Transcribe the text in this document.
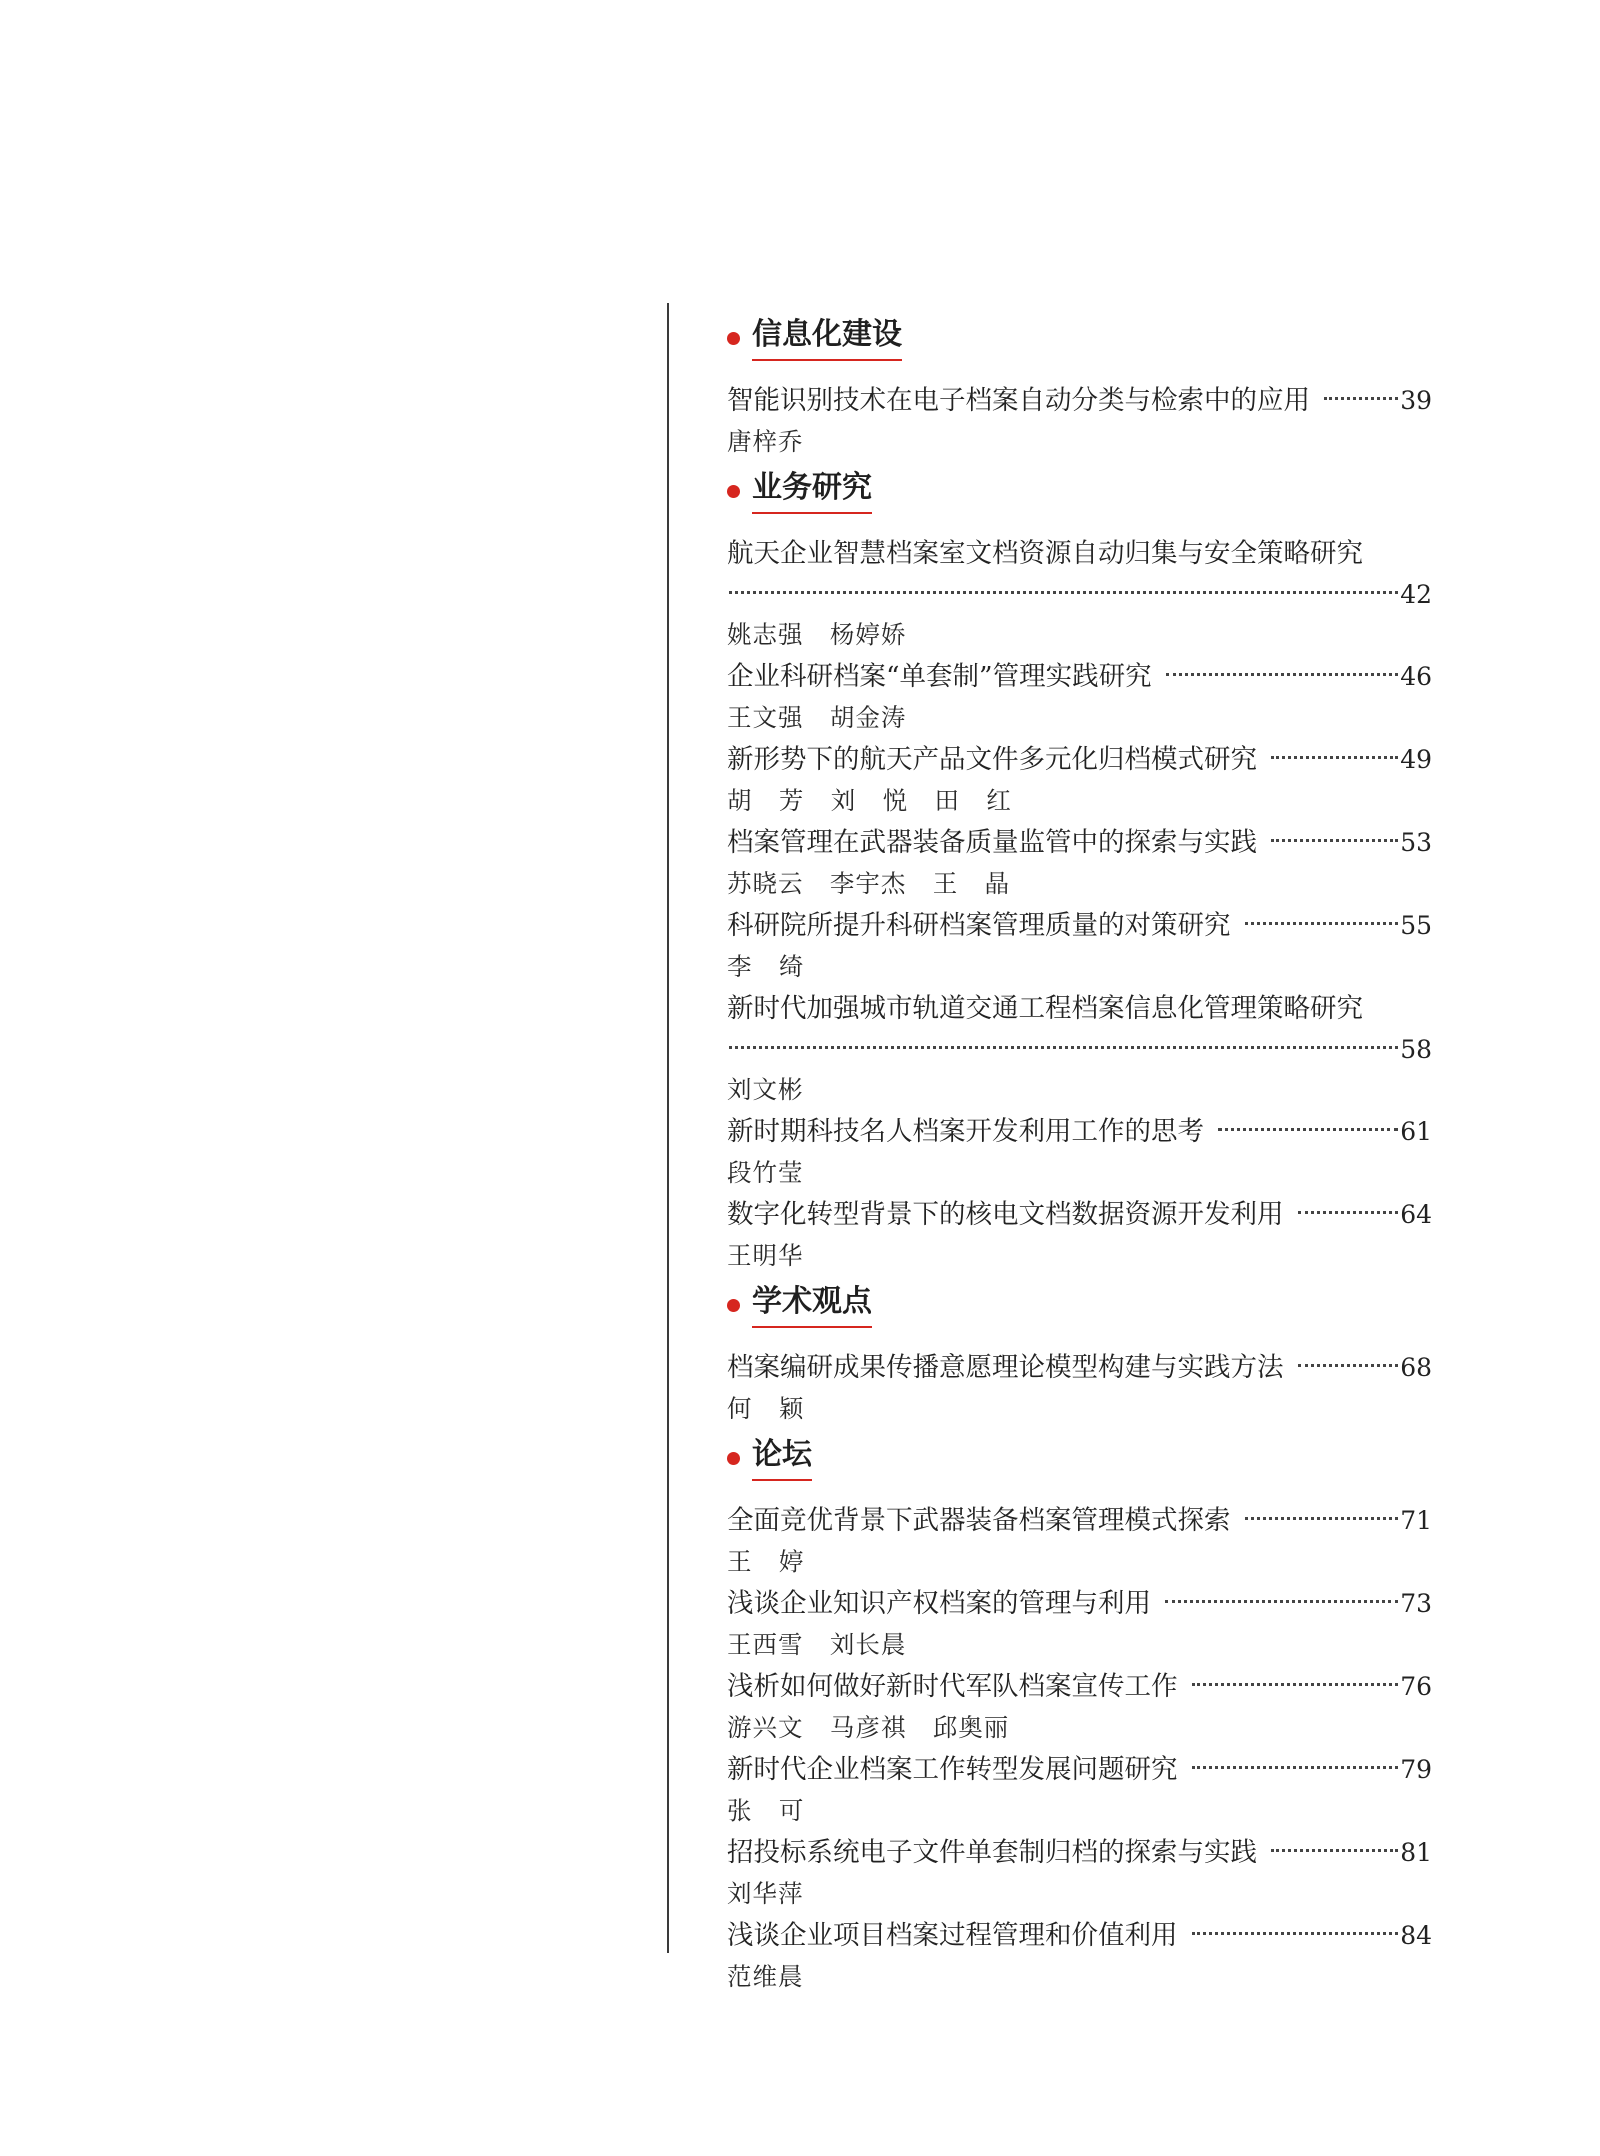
信息化建设
智能识别技术在电子档案自动分类与检索中的应用	39
唐梓乔
业务研究
航天企业智慧档案室文档资源自动归集与安全策略研究
42
姚志强   杨婷娇
企业科研档案“单套制”管理实践研究	46
王文强   胡金涛
新形势下的航天产品文件多元化归档模式研究	49
胡   芳   刘   悦   田   红
档案管理在武器装备质量监管中的探索与实践	53
苏晓云   李宇杰   王   晶
科研院所提升科研档案管理质量的对策研究	55
李   绮
新时代加强城市轨道交通工程档案信息化管理策略研究
58
刘文彬
新时期科技名人档案开发利用工作的思考	61
段竹莹
数字化转型背景下的核电文档数据资源开发利用	64
王明华
学术观点
档案编研成果传播意愿理论模型构建与实践方法	68
何   颖
论坛
全面竞优背景下武器装备档案管理模式探索	71
王   婷
浅谈企业知识产权档案的管理与利用	73
王西雪   刘长晨
浅析如何做好新时代军队档案宣传工作	76
游兴文   马彦祺   邱奥丽
新时代企业档案工作转型发展问题研究	79
张   可
招投标系统电子文件单套制归档的探索与实践	81
刘华萍
浅谈企业项目档案过程管理和价值利用	84
范维晨
